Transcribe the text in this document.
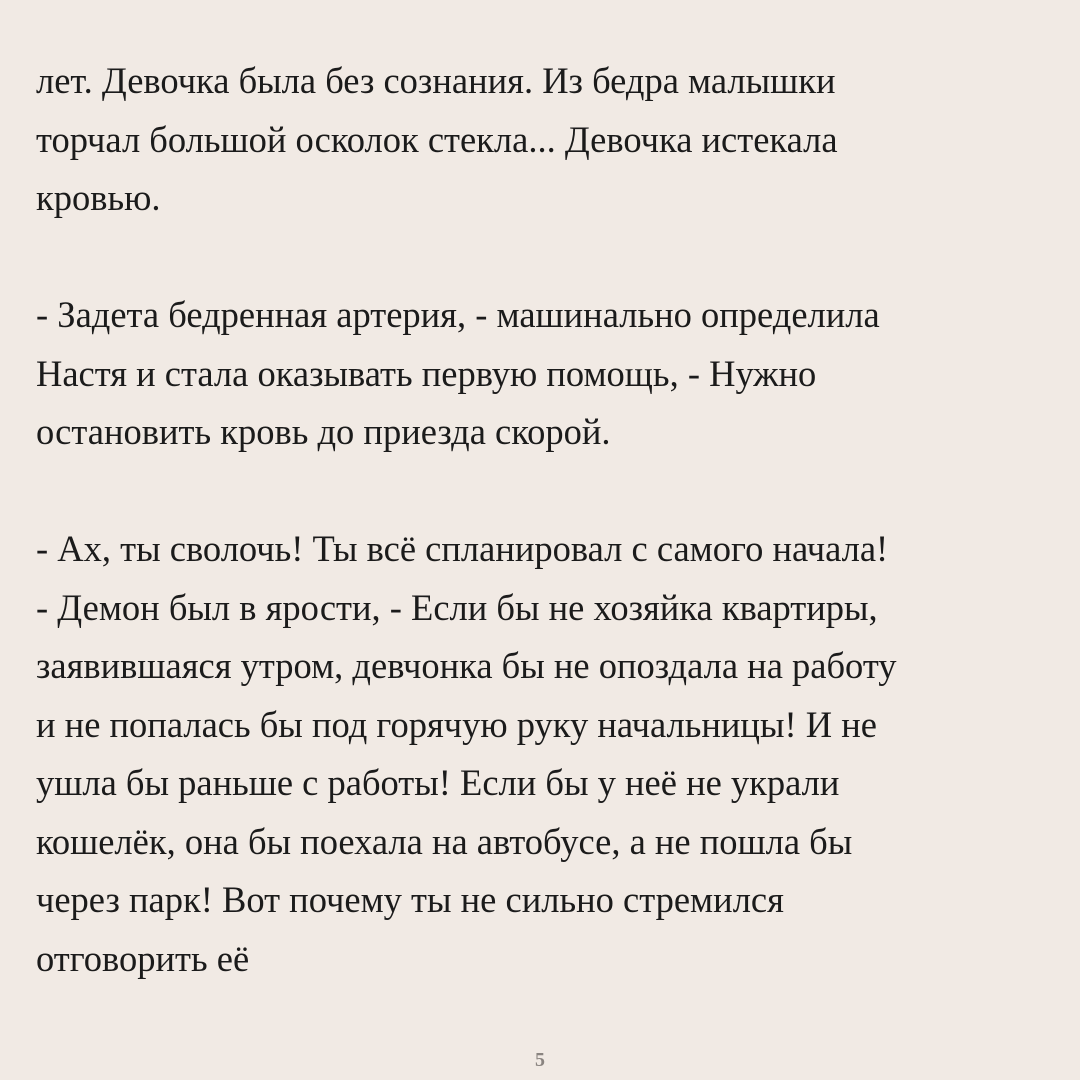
лет. Девочка была без сознания. Из бедра малышки
торчал большой осколок стекла... Девочка истекала
кровью.
- Задета бедренная артерия, - машинально определила
Настя и стала оказывать первую помощь, - Нужно
остановить кровь до приезда скорой.
- Ах, ты сволочь! Ты всё спланировал с самого начала!
- Демон был в ярости, - Если бы не хозяйка квартиры,
заявившаяся утром, девчонка бы не опоздала на работу
и не попалась бы под горячую руку начальницы! И не
ушла бы раньше с работы! Если бы у неё не украли
кошелёк, она бы поехала на автобусе, а не пошла бы
через парк! Вот почему ты не сильно стремился
отговорить её
5
